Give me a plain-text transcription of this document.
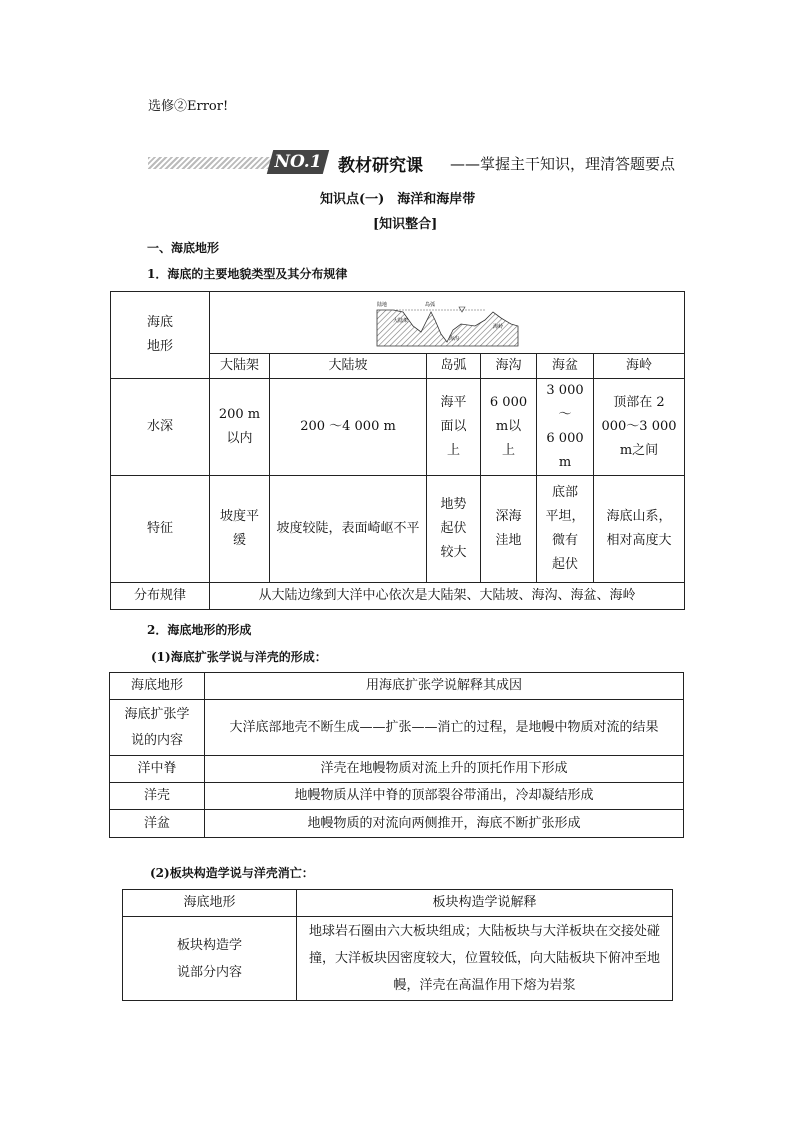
选修②Error!
NO.1 教材研究课 ——掌握主干知识，理清答题要点
知识点(一)　海洋和海岸带
[知识整合]
一、海底地形
1．海底的主要地貌类型及其分布规律
海底
地形	陆地 岛弧
大陆架
海沟
海岭					

	大陆架	大陆坡	岛弧	海沟	海盆	海岭
水深	200 m
以内	200 ～4 000 m	海平
面以
上	6 000
m以
上	3 000～
6 000
m	顶部在 2
000～3 000
m之间
特征	坡度平
缓	坡度较陡，表面崎岖不平	地势
起伏
较大	深海
洼地	底部
平坦，
微有
起伏	海底山系，
相对高度大
分布规律	从大陆边缘到大洋中心依次是大陆架、大陆坡、海沟、海盆、海岭					
2．海底地形的形成
(1)海底扩张学说与洋壳的形成：
海底地形	用海底扩张学说解释其成因
海底扩张学
说的内容	大洋底部地壳不断生成——扩张——消亡的过程，是地幔中物质对流的结果
洋中脊	洋壳在地幔物质对流上升的顶托作用下形成
洋壳	地幔物质从洋中脊的顶部裂谷带涌出，冷却凝结形成
洋盆	地幔物质的对流向两侧推开，海底不断扩张形成
(2)板块构造学说与洋壳消亡：
海底地形	板块构造学说解释
板块构造学
说部分内容	地球岩石圈由六大板块组成；大陆板块与大洋板块在交接处碰撞，大洋板块因密度较大，位置较低，向大陆板块下俯冲至地幔，洋壳在高温作用下熔为岩浆
